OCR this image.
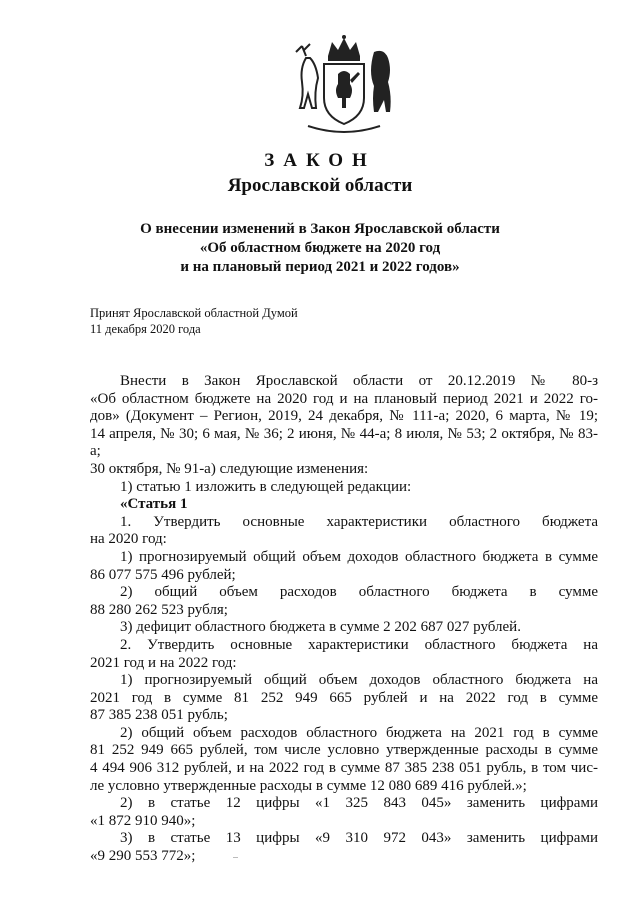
ЗАКОН
Ярославской области
О внесении изменений в Закон Ярославской области
«Об областном бюджете на 2020 год
и на плановый период 2021 и 2022 годов»
Принят Ярославской областной Думой
11 декабря 2020 года

Внести в Закон Ярославской области от 20.12.2019 № 80-з

«Об областном бюджете на 2020 год и на плановый период 2021 и 2022 го-

дов» (Документ – Регион, 2019, 24 декабря, № 111-а; 2020, 6 марта, № 19;

14 апреля, № 30; 6 мая, № 36; 2 июня, № 44-а; 8 июля, № 53; 2 октября, № 83-а;

30 октября, № 91-а) следующие изменения:

1) статью 1 изложить в следующей редакции:

«Статья 1

1. Утвердить основные характеристики областного бюджета

на 2020 год:

1) прогнозируемый общий объем доходов областного бюджета в сумме

86 077 575 496 рублей;

2) общий объем расходов областного бюджета в сумме

88 280 262 523 рубля;

3) дефицит областного бюджета в сумме 2 202 687 027 рублей.

2. Утвердить основные характеристики областного бюджета на

2021 год и на 2022 год:

1) прогнозируемый общий объем доходов областного бюджета на

2021 год в сумме 81 252 949 665 рублей и на 2022 год в сумме

87 385 238 051 рубль;

2) общий объем расходов областного бюджета на 2021 год в сумме

81 252 949 665 рублей, том числе условно утвержденные расходы в сумме

4 494 906 312 рублей, и на 2022 год в сумме 87 385 238 051 рубль, в том чис-

ле условно утвержденные расходы в сумме 12 080 689 416 рублей.»;

2) в статье 12 цифры «1 325 843 045» заменить цифрами

«1 872 910 940»;

3) в статье 13 цифры «9 310 972 043» заменить цифрами

«9 290 553 772»;
